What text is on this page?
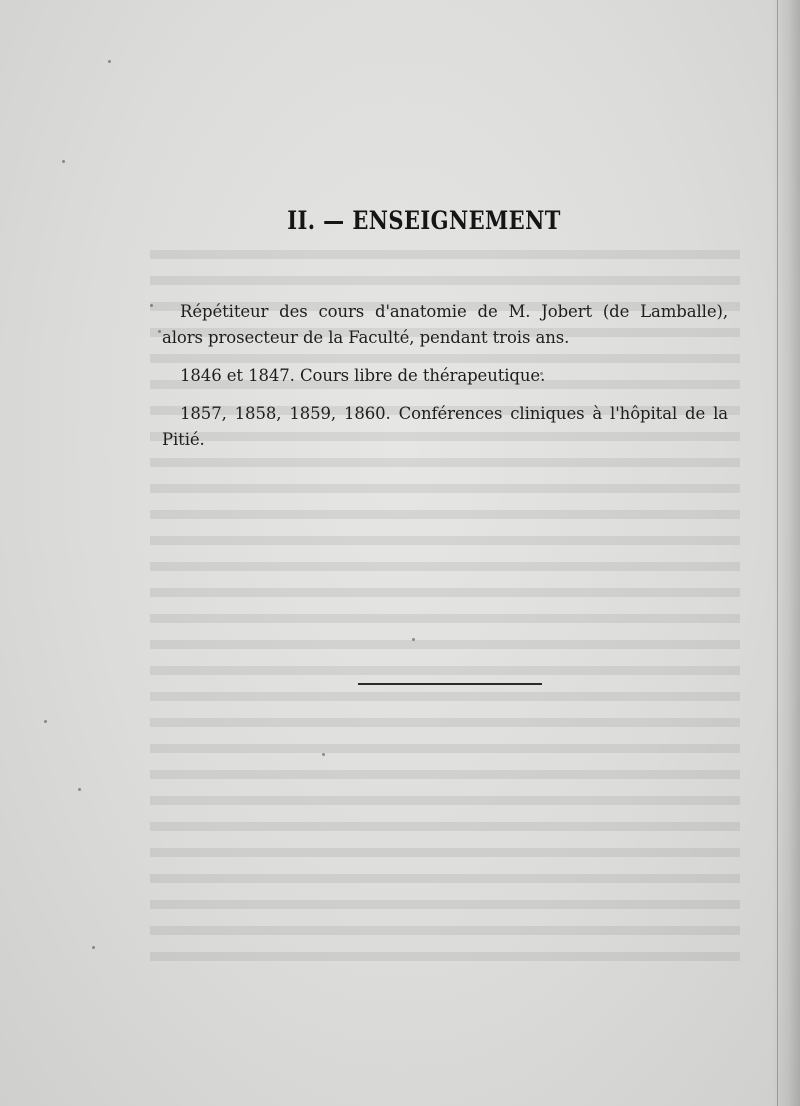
II. — ENSEIGNEMENT

Répétiteur des cours d'anatomie de M. Jobert (de Lamballe), alors prosecteur de la Faculté, pendant trois ans.

1846 et 1847. Cours libre de thérapeutique.

1857, 1858, 1859, 1860. Conférences cliniques à l'hôpital de la Pitié.
